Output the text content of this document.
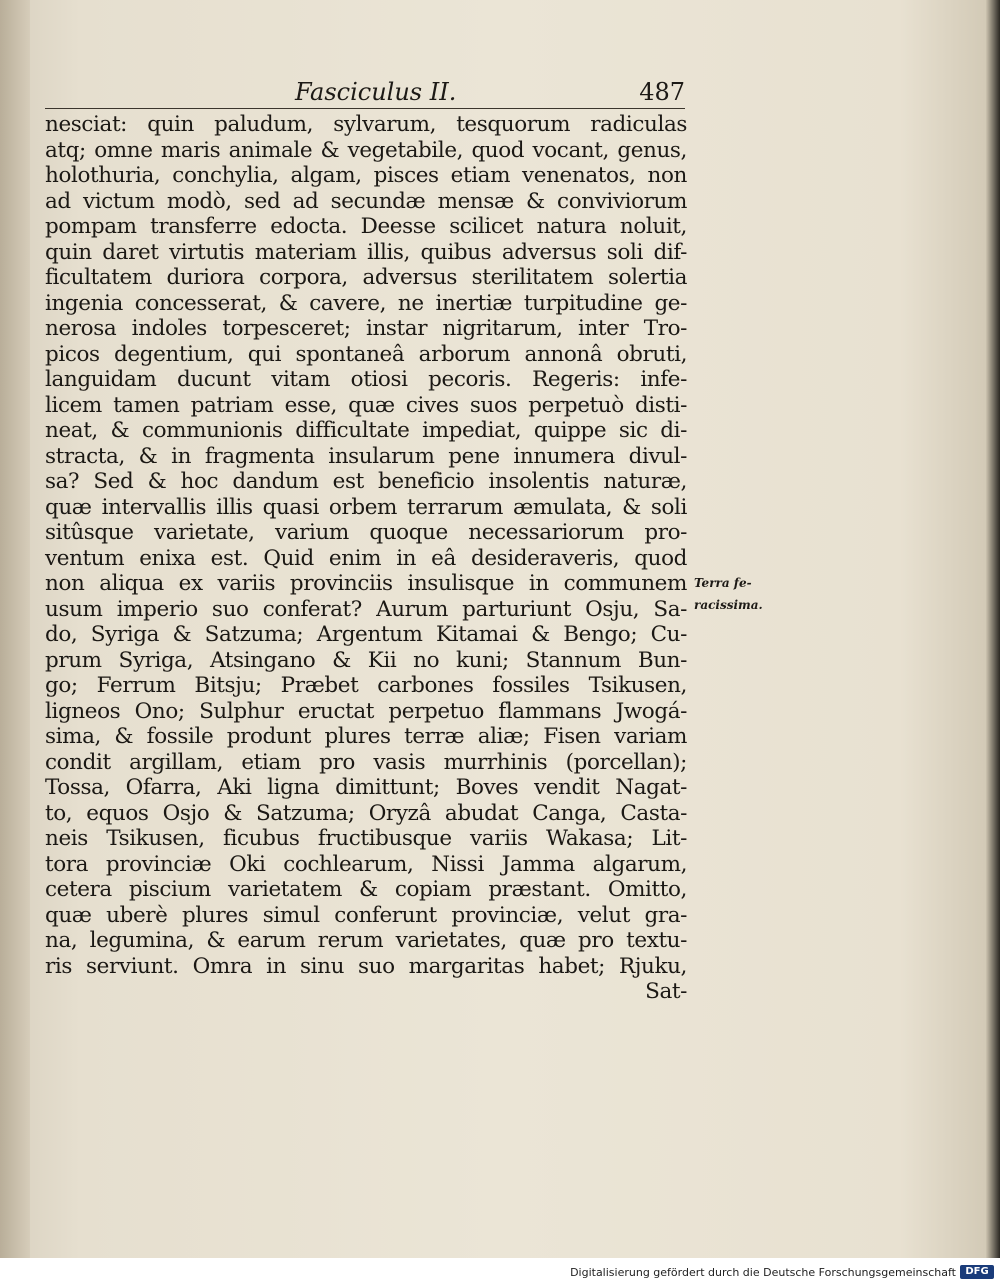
Fasciculus II.	487
nesciat: quin paludum, sylvarum, tesquorum radiculas
atq; omne maris animale & vegetabile, quod vocant, genus,
holothuria, conchylia, algam, pisces etiam venenatos, non
ad victum modò, sed ad secundæ mensæ & conviviorum
pompam transferre edocta. Deesse scilicet natura noluit,
quin daret virtutis materiam illis, quibus adversus soli dif-
ficultatem duriora corpora, adversus sterilitatem solertia
ingenia concesserat, & cavere, ne inertiæ turpitudine ge-
nerosa indoles torpesceret; instar nigritarum, inter Tro-
picos degentium, qui spontaneâ arborum annonâ obruti,
languidam ducunt vitam otiosi pecoris. Regeris: infe-
licem tamen patriam esse, quæ cives suos perpetuò disti-
neat, & communionis difficultate impediat, quippe sic di-
stracta, & in fragmenta insularum pene innumera divul-
sa? Sed & hoc dandum est beneficio insolentis naturæ,
quæ intervallis illis quasi orbem terrarum æmulata, & soli
sitûsque varietate, varium quoque necessariorum pro-
ventum enixa est. Quid enim in eâ desideraveris, quod
non aliqua ex variis provinciis insulisque in communem
usum imperio suo conferat? Aurum parturiunt Osju, Sa-
do, Syriga & Satzuma; Argentum Kitamai & Bengo; Cu-
prum Syriga, Atsingano & Kii no kuni; Stannum Bun-
go; Ferrum Bitsju; Præbet carbones fossiles Tsikusen,
ligneos Ono; Sulphur eructat perpetuo flammans Jwogá-
sima, & fossile produnt plures terræ aliæ; Fisen variam
condit argillam, etiam pro vasis murrhinis (porcellan);
Tossa, Ofarra, Aki ligna dimittunt; Boves vendit Nagat-
to, equos Osjo & Satzuma; Oryzâ abudat Canga, Casta-
neis Tsikusen, ficubus fructibusque variis Wakasa; Lit-
tora provinciæ Oki cochlearum, Nissi Jamma algarum,
cetera piscium varietatem & copiam præstant. Omitto,
quæ uberè plures simul conferunt provinciæ, velut gra-
na, legumina, & earum rerum varietates, quæ pro textu-
ris serviunt. Omra in sinu suo margaritas habet; Rjuku,
Sat-
Terra fe-
racissima.
Digitalisierung gefördert durch die Deutsche Forschungsgemeinschaft DFG
